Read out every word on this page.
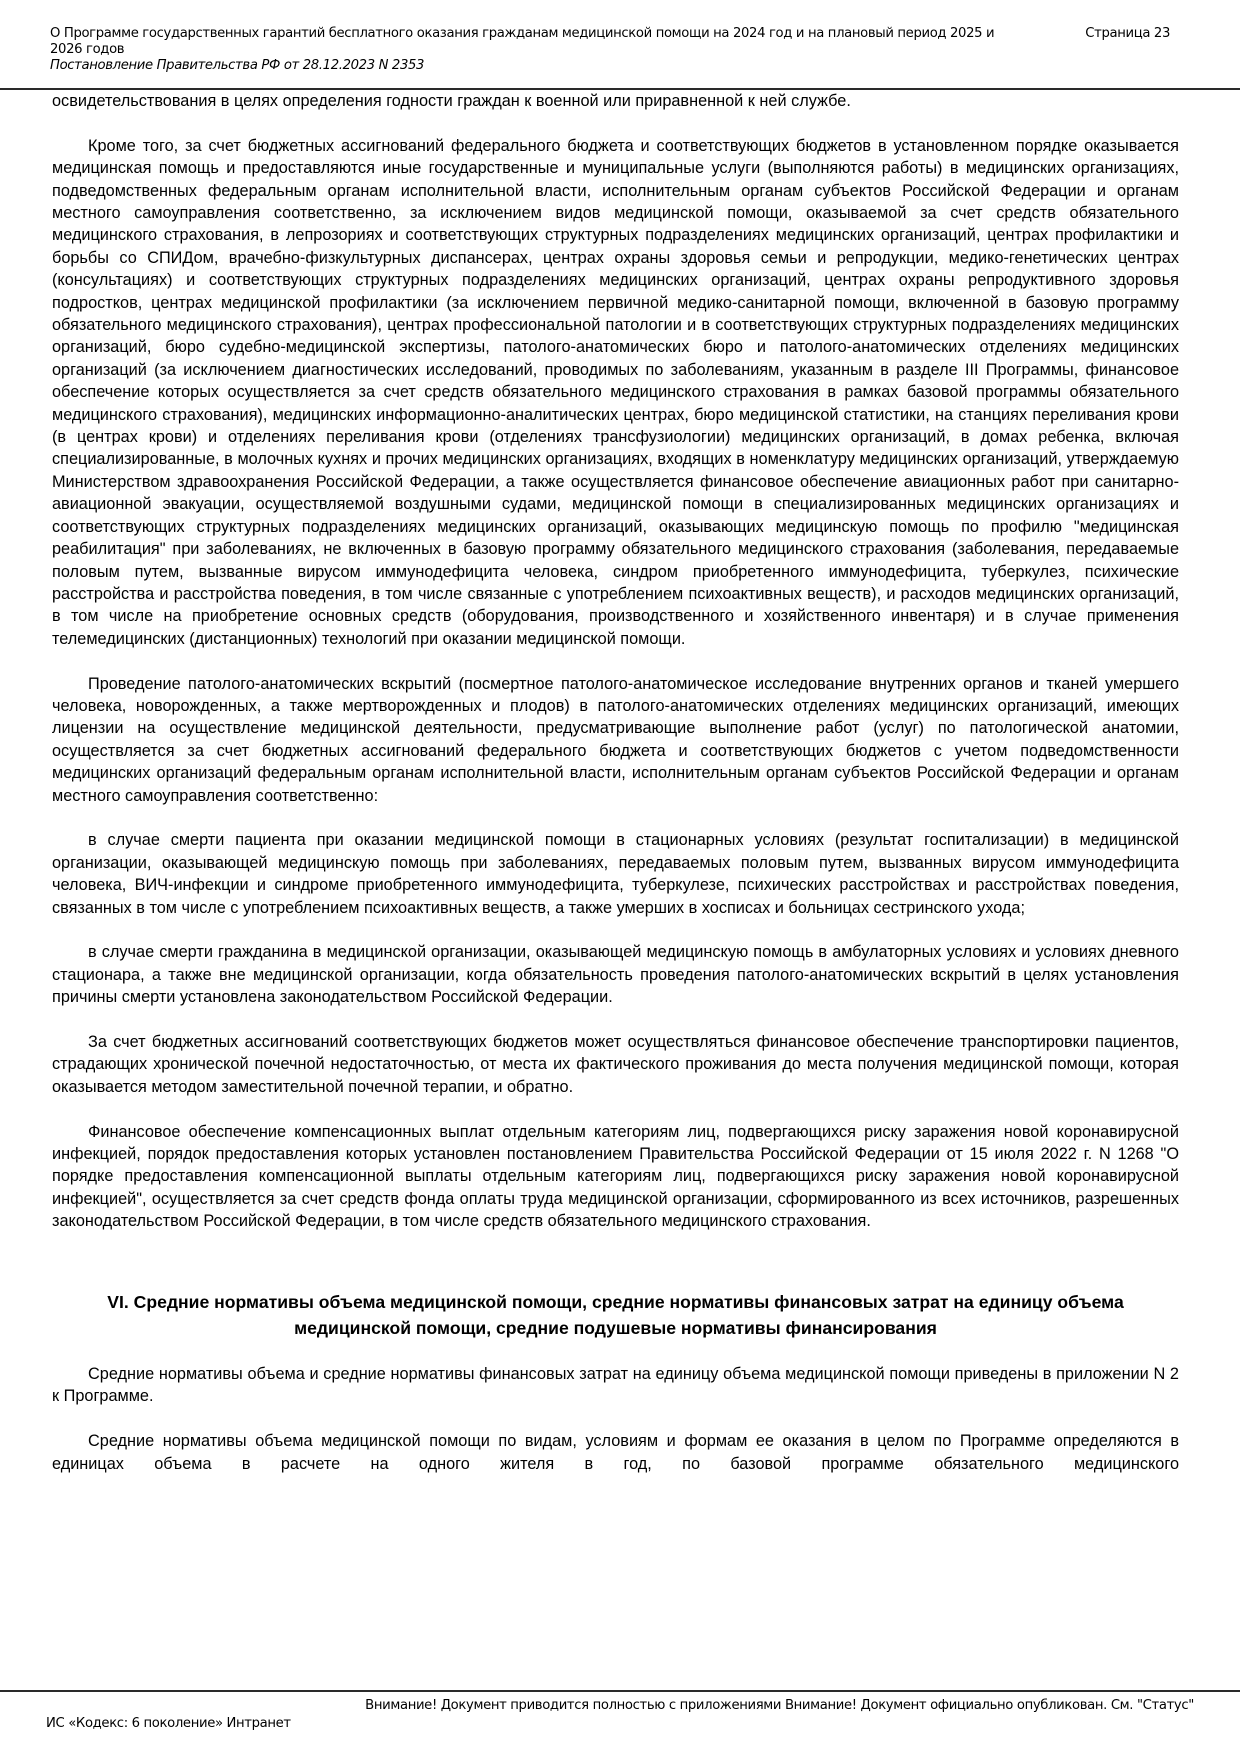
О Программе государственных гарантий бесплатного оказания гражданам медицинской помощи на 2024 год и на плановый период 2025 и 2026 годов
Страница 23
Постановление Правительства РФ от 28.12.2023 N 2353

освидетельствования в целях определения годности граждан к военной или приравненной к ней службе.

Кроме того, за счет бюджетных ассигнований федерального бюджета и соответствующих бюджетов в установленном порядке оказывается медицинская помощь и предоставляются иные государственные и муниципальные услуги (выполняются работы) в медицинских организациях, подведомственных федеральным органам исполнительной власти, исполнительным органам субъектов Российской Федерации и органам местного самоуправления соответственно, за исключением видов медицинской помощи, оказываемой за счет средств обязательного медицинского страхования, в лепрозориях и соответствующих структурных подразделениях медицинских организаций, центрах профилактики и борьбы со СПИДом, врачебно-физкультурных диспансерах, центрах охраны здоровья семьи и репродукции, медико-генетических центрах (консультациях) и соответствующих структурных подразделениях медицинских организаций, центрах охраны репродуктивного здоровья подростков, центрах медицинской профилактики (за исключением первичной медико-санитарной помощи, включенной в базовую программу обязательного медицинского страхования), центрах профессиональной патологии и в соответствующих структурных подразделениях медицинских организаций, бюро судебно-медицинской экспертизы, патолого-анатомических бюро и патолого-анатомических отделениях медицинских организаций (за исключением диагностических исследований, проводимых по заболеваниям, указанным в разделе III Программы, финансовое обеспечение которых осуществляется за счет средств обязательного медицинского страхования в рамках базовой программы обязательного медицинского страхования), медицинских информационно-аналитических центрах, бюро медицинской статистики, на станциях переливания крови (в центрах крови) и отделениях переливания крови (отделениях трансфузиологии) медицинских организаций, в домах ребенка, включая специализированные, в молочных кухнях и прочих медицинских организациях, входящих в номенклатуру медицинских организаций, утверждаемую Министерством здравоохранения Российской Федерации, а также осуществляется финансовое обеспечение авиационных работ при санитарно-авиационной эвакуации, осуществляемой воздушными судами, медицинской помощи в специализированных медицинских организациях и соответствующих структурных подразделениях медицинских организаций, оказывающих медицинскую помощь по профилю "медицинская реабилитация" при заболеваниях, не включенных в базовую программу обязательного медицинского страхования (заболевания, передаваемые половым путем, вызванные вирусом иммунодефицита человека, синдром приобретенного иммунодефицита, туберкулез, психические расстройства и расстройства поведения, в том числе связанные с употреблением психоактивных веществ), и расходов медицинских организаций, в том числе на приобретение основных средств (оборудования, производственного и хозяйственного инвентаря) и в случае применения телемедицинских (дистанционных) технологий при оказании медицинской помощи.

Проведение патолого-анатомических вскрытий (посмертное патолого-анатомическое исследование внутренних органов и тканей умершего человека, новорожденных, а также мертворожденных и плодов) в патолого-анатомических отделениях медицинских организаций, имеющих лицензии на осуществление медицинской деятельности, предусматривающие выполнение работ (услуг) по патологической анатомии, осуществляется за счет бюджетных ассигнований федерального бюджета и соответствующих бюджетов с учетом подведомственности медицинских организаций федеральным органам исполнительной власти, исполнительным органам субъектов Российской Федерации и органам местного самоуправления соответственно:

в случае смерти пациента при оказании медицинской помощи в стационарных условиях (результат госпитализации) в медицинской организации, оказывающей медицинскую помощь при заболеваниях, передаваемых половым путем, вызванных вирусом иммунодефицита человека, ВИЧ-инфекции и синдроме приобретенного иммунодефицита, туберкулезе, психических расстройствах и расстройствах поведения, связанных в том числе с употреблением психоактивных веществ, а также умерших в хосписах и больницах сестринского ухода;

в случае смерти гражданина в медицинской организации, оказывающей медицинскую помощь в амбулаторных условиях и условиях дневного стационара, а также вне медицинской организации, когда обязательность проведения патолого-анатомических вскрытий в целях установления причины смерти установлена законодательством Российской Федерации.

За счет бюджетных ассигнований соответствующих бюджетов может осуществляться финансовое обеспечение транспортировки пациентов, страдающих хронической почечной недостаточностью, от места их фактического проживания до места получения медицинской помощи, которая оказывается методом заместительной почечной терапии, и обратно.

Финансовое обеспечение компенсационных выплат отдельным категориям лиц, подвергающихся риску заражения новой коронавирусной инфекцией, порядок предоставления которых установлен постановлением Правительства Российской Федерации от 15 июля 2022 г. N 1268 "О порядке предоставления компенсационной выплаты отдельным категориям лиц, подвергающихся риску заражения новой коронавирусной инфекцией", осуществляется за счет средств фонда оплаты труда медицинской организации, сформированного из всех источников, разрешенных законодательством Российской Федерации, в том числе средств обязательного медицинского страхования.

VI. Средние нормативы объема медицинской помощи, средние нормативы финансовых затрат на единицу объема медицинской помощи, средние подушевые нормативы финансирования

Средние нормативы объема и средние нормативы финансовых затрат на единицу объема медицинской помощи приведены в приложении N 2 к Программе.

Средние нормативы объема медицинской помощи по видам, условиям и формам ее оказания в целом по Программе определяются в единицах объема в расчете на одного жителя в год, по базовой программе обязательного медицинского

Внимание! Документ приводится полностью с приложениями Внимание! Документ официально опубликован. См. "Статус"
ИС «Кодекс: 6 поколение» Интранет
